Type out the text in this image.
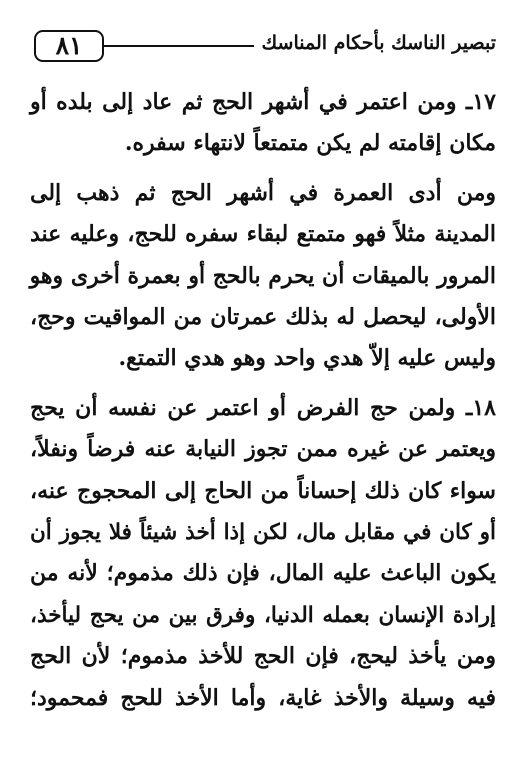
٨١	تبصير الناسك بأحكام المناسك

١٧ـ ومن اعتمر في أشهر الحج ثم عاد إلى بلده أو
مكان إقامته لم يكن متمتعاً لانتهاء سفره.

ومن أدى العمرة في أشهر الحج ثم ذهب إلى
المدينة مثلاً فهو متمتع لبقاء سفره للحج، وعليه عند
المرور بالميقات أن يحرم بالحج أو بعمرة أخرى وهو
الأولى، ليحصل له بذلك عمرتان من المواقيت وحج،
وليس عليه إلاّ هدي واحد وهو هدي التمتع.

١٨ـ ولمن حج الفرض أو اعتمر عن نفسه أن يحج
ويعتمر عن غيره ممن تجوز النيابة عنه فرضاً ونفلاً،
سواء كان ذلك إحساناً من الحاج إلى المحجوج عنه،
أو كان في مقابل مال، لكن إذا أخذ شيئاً فلا يجوز أن
يكون الباعث عليه المال، فإن ذلك مذموم؛ لأنه من
إرادة الإنسان بعمله الدنيا، وفرق بين من يحج ليأخذ،
ومن يأخذ ليحج، فإن الحج للأخذ مذموم؛ لأن الحج
فيه وسيلة والأخذ غاية، وأما الأخذ للحج فمحمود؛
